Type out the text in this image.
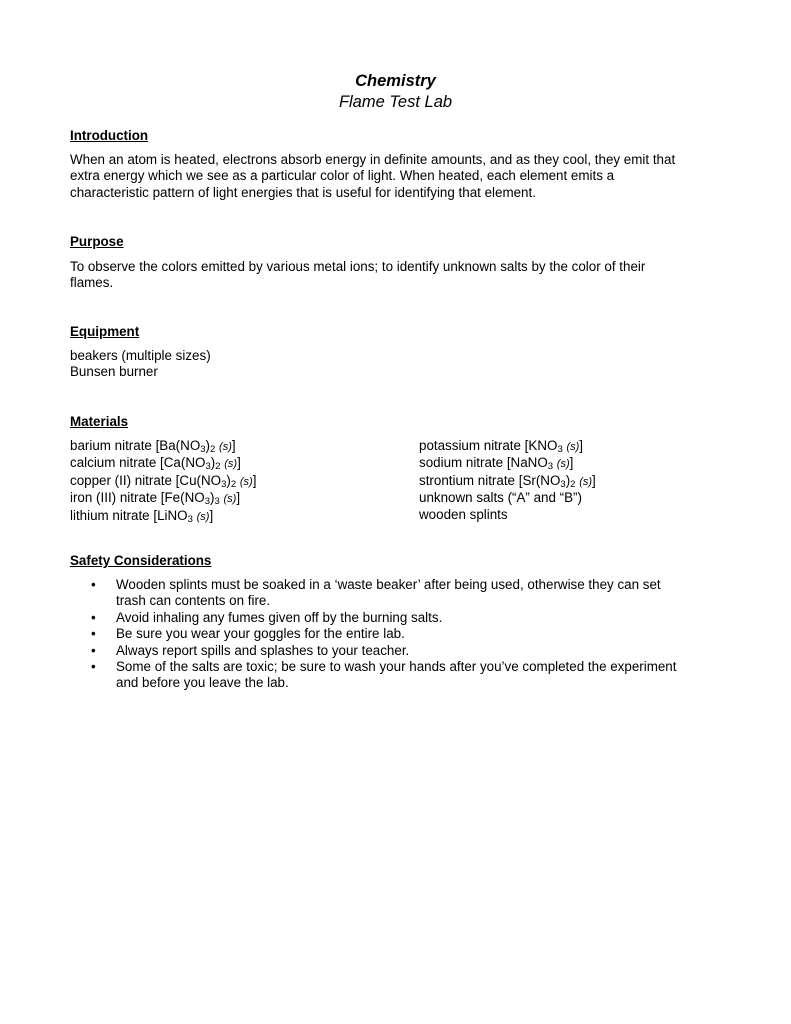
Chemistry
Flame Test Lab
Introduction
When an atom is heated, electrons absorb energy in definite amounts, and as they cool, they emit that
extra energy which we see as a particular color of light. When heated, each element emits a
characteristic pattern of light energies that is useful for identifying that element.
Purpose
To observe the colors emitted by various metal ions; to identify unknown salts by the color of their
flames.
Equipment
beakers (multiple sizes)
Bunsen burner
Materials
barium nitrate [$Ba(NO_3)_2$ (s)]
calcium nitrate [$Ca(NO_3)_2$ (s)]
copper (II) nitrate [$Cu(NO_3)_2$ (s)]
iron (III) nitrate [$Fe(NO_3)_3$ (s)]
lithium nitrate [LiNO$_3$ (s)]
potassium nitrate [$KNO_3$ (s)]
sodium nitrate [NaNO$_3$ (s)]
strontium nitrate [$Sr(NO_3)_2$ (s)]
unknown salts (“A” and “B”)
wooden splints
Safety Considerations
• Wooden splints must be soaked in a ‘waste beaker’ after being used, otherwise they can set
trash can contents on fire.
• Avoid inhaling any fumes given off by the burning salts.
• Be sure you wear your goggles for the entire lab.
• Always report spills and splashes to your teacher.
• Some of the salts are toxic; be sure to wash your hands after you’ve completed the experiment
and before you leave the lab.
